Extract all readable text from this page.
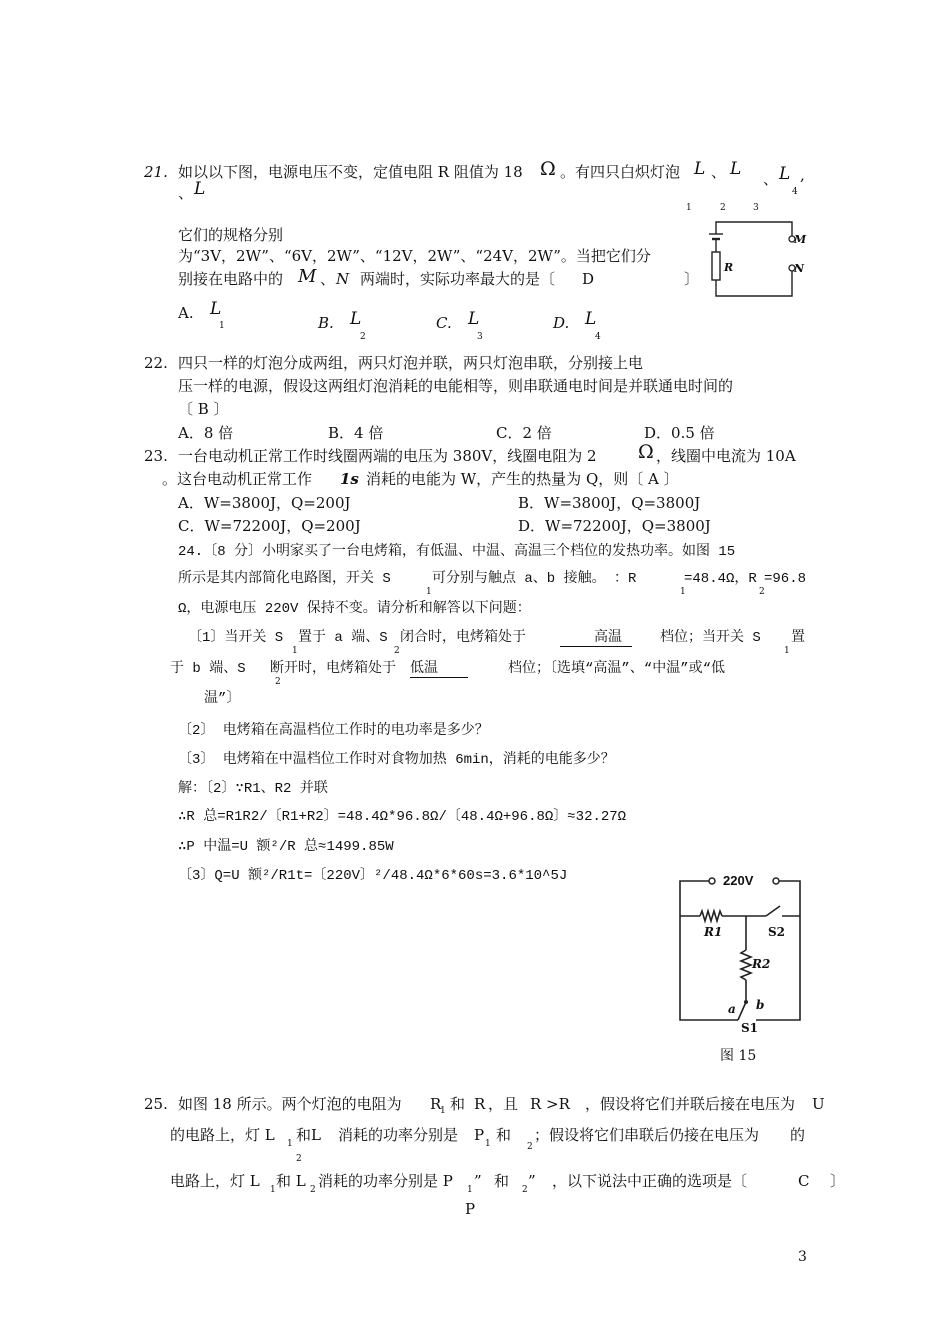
21. 如以以下图，电源电压不变，定值电阻 R 阻值为 18 Ω 。有四只白炽灯泡 L 、 L 、 L
4
,
、 L
1	2	3
它们的规格分别
为“3V，2W”、“6V，2W”、“12V，2W”、“24V，2W”。当把它们分
别接在电路中的 M 、 N 两端时，实际功率最大的是〔 D	〕
M
N
R
A. L
1	B. L
2
C. L
3
D. L
4
22. 四只一样的灯泡分成两组，两只灯泡并联，两只灯泡串联，分别接上电
压一样的电源，假设这两组灯泡消耗的电能相等，则串联通电时间是并联通电时间的
〔 B 〕
A．8 倍	B．4 倍	C．2 倍	D．0.5 倍
23. 一台电动机正常工作时线圈两端的电压为 380V，线圈电阻为 2 Ω ，线圈中电流为 10A
。这台电动机正常工作 1s 消耗的电能为 W，产生的热量为 Q，则〔 A 〕
A．W=3800J，Q=200J	B．W=3800J，Q=3800J
C．W=72200J，Q=200J	D．W=72200J，Q=3800J
24.〔8 分〕小明家买了一台电烤箱，有低温、中温、高温三个档位的发热功率。如图 15
所示是其内部简化电路图，开关 S
1
可分别与触点 a、b 接触。 ：R
1
=48.4Ω，R
2
=96.8
Ω，电源电压 220V 保持不变。请分析和解答以下问题：
〔1〕当开关 S
1
置于 a 端、S
2
闭合时，电烤箱处于	高温	档位；当开关 S
1
置
于 b 端、S
2
断开时，电烤箱处于 低温	档位；〔选填“高温”、“中温”或“低
温”〕
〔2〕 电烤箱在高温档位工作时的电功率是多少？
〔3〕 电烤箱在中温档位工作时对食物加热 6min，消耗的电能多少？
解：〔2〕∵R1、R2 并联
∴R 总=R1R2/〔R1+R2〕=48.4Ω*96.8Ω/〔48.4Ω+96.8Ω〕≈32.27Ω
∴P 中温=U 额²/R 总≈1499.85W
〔3〕Q=U 额²/R1t=〔220V〕²/48.4Ω*6*60s=3.6*10^5J	220V
R1	S2
R2
a b
S1
图 15
25. 如图 18 所示。两个灯泡的电阻为 R
1 和 R ，且 R >R ，假设将它们并联后接在电压为 U
的电路上，灯 L 1 和L
2
消耗的功率分别是 P 1 和
2
；假设将它们串联后仍接在电压为 的
电路上，灯 L 1 和 L 2 消耗的功率分别是 P 1 ” 和 2 ” ，以下说法中正确的选项是〔	C 〕
P
3
